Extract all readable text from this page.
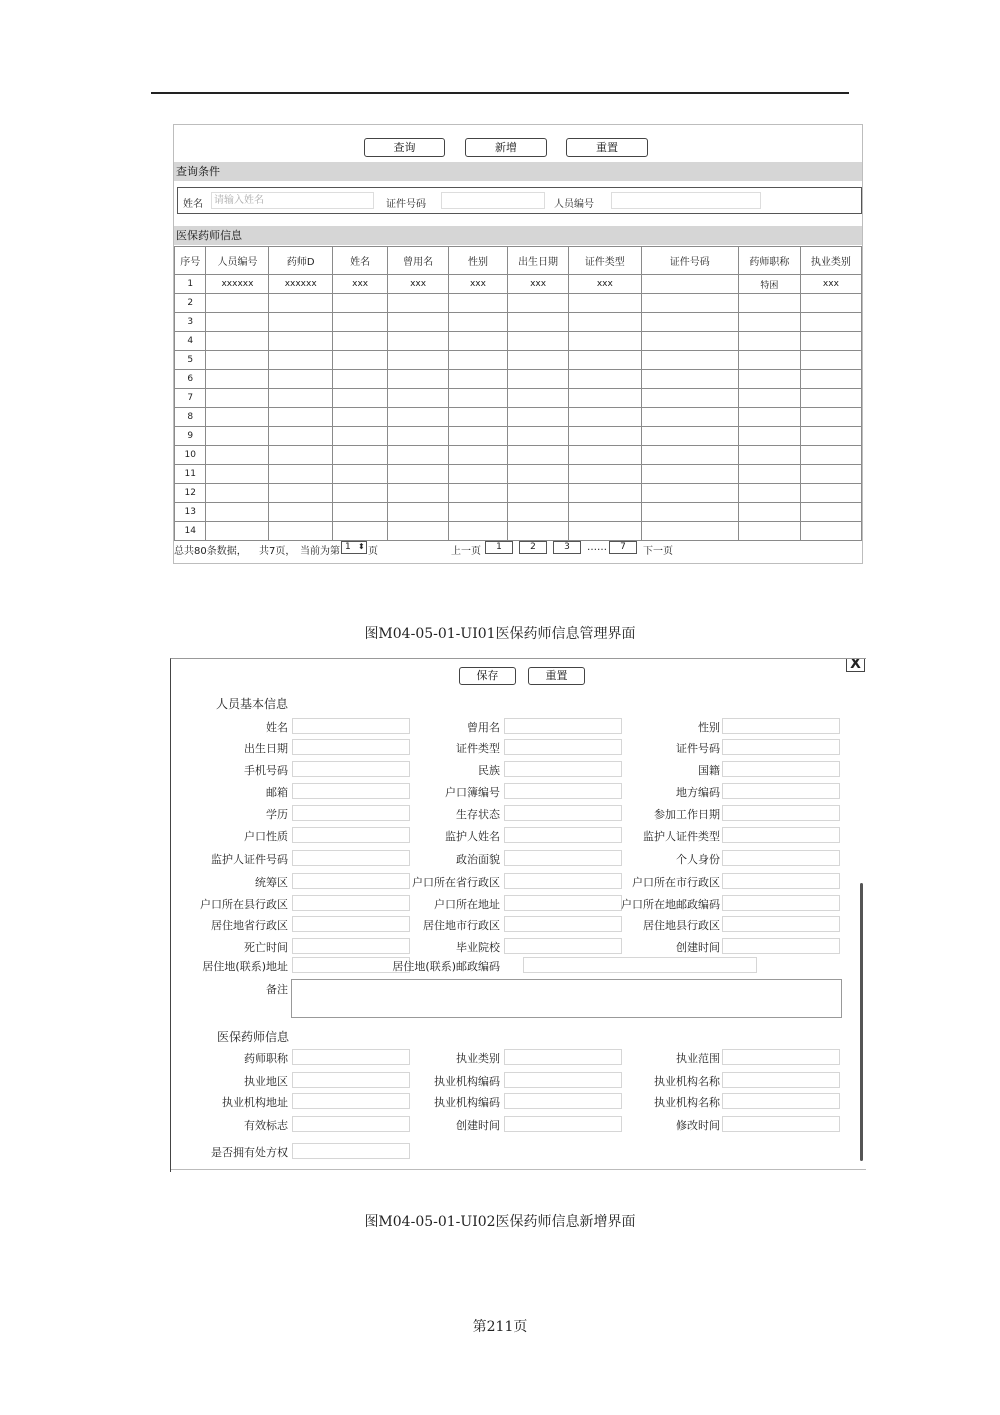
查询	新增	重置
查询条件
姓名	请输入姓名	证件号码	人员编号
医保药师信息
序号	人员编号	药师D	姓名	曾用名	性别	出生日期	证件类型	证件号码	药师职称	执业类别
1	xxxxxx	xxxxxx	xxx	xxx	xxx	xxx	xxx		特困	xxx
2										
3										
4										
5										
6										
7										
8										
9										
10										
11										
12										
13										
14										
总共80条数据， 共7页， 当前为第 1 ⬍ 页	上一页	1	2	3	……	7	下一页
图M04-05-01-UI01医保药师信息管理界面
X
保存	重置
人员基本信息
医保药师信息
备注
姓名	曾用名	性别
出生日期	证件类型	证件号码
手机号码	民族	国籍
邮箱	户口簿编号	地方编码
学历	生存状态	参加工作日期
户口性质	监护人姓名	监护人证件类型
监护人证件号码	政治面貌	个人身份
统筹区	户口所在省行政区	户口所在市行政区
户口所在县行政区	户口所在地址	户口所在地邮政编码
居住地省行政区	居住地市行政区	居住地县行政区
死亡时间	毕业院校	创建时间
居住地(联系)地址	居住地(联系)邮政编码
药师职称	执业类别	执业范围
执业地区	执业机构编码	执业机构名称
执业机构地址	执业机构编码	执业机构名称
有效标志	创建时间	修改时间
是否拥有处方权
图M04-05-01-UI02医保药师信息新增界面
第211页
